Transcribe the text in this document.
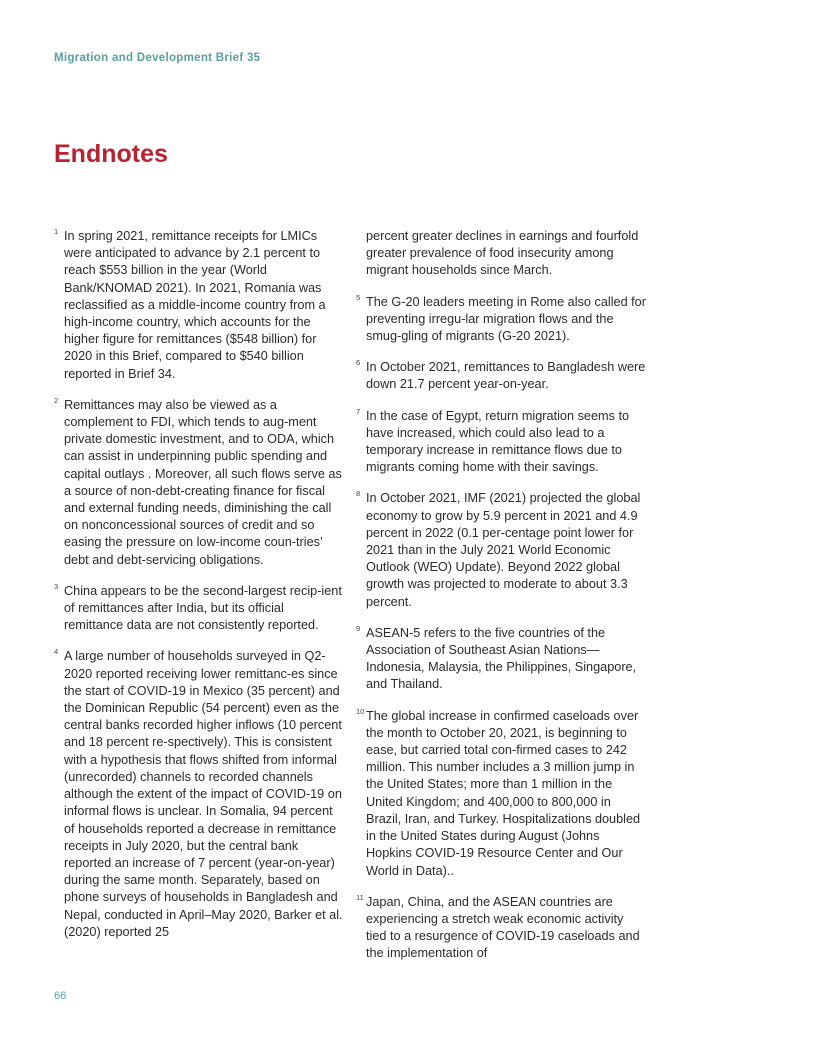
Migration and Development Brief 35
Endnotes
1 In spring 2021, remittance receipts for LMICs were anticipated to advance by 2.1 percent to reach $553 billion in the year (World Bank/KNOMAD 2021). In 2021, Romania was reclassified as a middle-income country from a high-income country, which accounts for the higher figure for remittances ($548 billion) for 2020 in this Brief, compared to $540 billion reported in Brief 34.
2 Remittances may also be viewed as a complement to FDI, which tends to aug-ment private domestic investment, and to ODA, which can assist in underpinning public spending and capital outlays . Moreover, all such flows serve as a source of non-debt-creating finance for fiscal and external funding needs, diminishing the call on nonconcessional sources of credit and so easing the pressure on low-income coun-tries’ debt and debt-servicing obligations.
3 China appears to be the second-largest recip-ient of remittances after India, but its official remittance data are not consistently reported.
4 A large number of households surveyed in Q2-2020 reported receiving lower remittanc-es since the start of COVID-19 in Mexico (35 percent) and the Dominican Republic (54 percent) even as the central banks recorded higher inflows (10 percent and 18 percent re-spectively). This is consistent with a hypothesis that flows shifted from informal (unrecorded) channels to recorded channels although the extent of the impact of COVID-19 on informal flows is unclear. In Somalia, 94 percent of households reported a decrease in remittance receipts in July 2020, but the central bank reported an increase of 7 percent (year-on-year) during the same month. Separately, based on phone surveys of households in Bangladesh and Nepal, conducted in April–May 2020, Barker et al. (2020) reported 25
percent greater declines in earnings and fourfold greater prevalence of food insecurity among migrant households since March.
5 The G-20 leaders meeting in Rome also called for preventing irregu-lar migration flows and the smug-gling of migrants (G-20 2021).
6 In October 2021, remittances to Bangladesh were down 21.7 percent year-on-year.
7 In the case of Egypt, return migration seems to have increased, which could also lead to a temporary increase in remittance flows due to migrants coming home with their savings.
8 In October 2021, IMF (2021) projected the global economy to grow by 5.9 percent in 2021 and 4.9 percent in 2022 (0.1 per-centage point lower for 2021 than in the July 2021 World Economic Outlook (WEO) Update). Beyond 2022 global growth was projected to moderate to about 3.3 percent.
9 ASEAN-5 refers to the five countries of the Association of Southeast Asian Nations—Indonesia, Malaysia, the Philippines, Singapore, and Thailand.
10 The global increase in confirmed caseloads over the month to October 20, 2021, is beginning to ease, but carried total con-firmed cases to 242 million. This number includes a 3 million jump in the United States; more than 1 million in the United Kingdom; and 400,000 to 800,000 in Brazil, Iran, and Turkey. Hospitalizations doubled in the United States during August (Johns Hopkins COVID-19 Resource Center and Our World in Data)..
11 Japan, China, and the ASEAN countries are experiencing a stretch weak economic activity tied to a resurgence of COVID-19 caseloads and the implementation of
66
